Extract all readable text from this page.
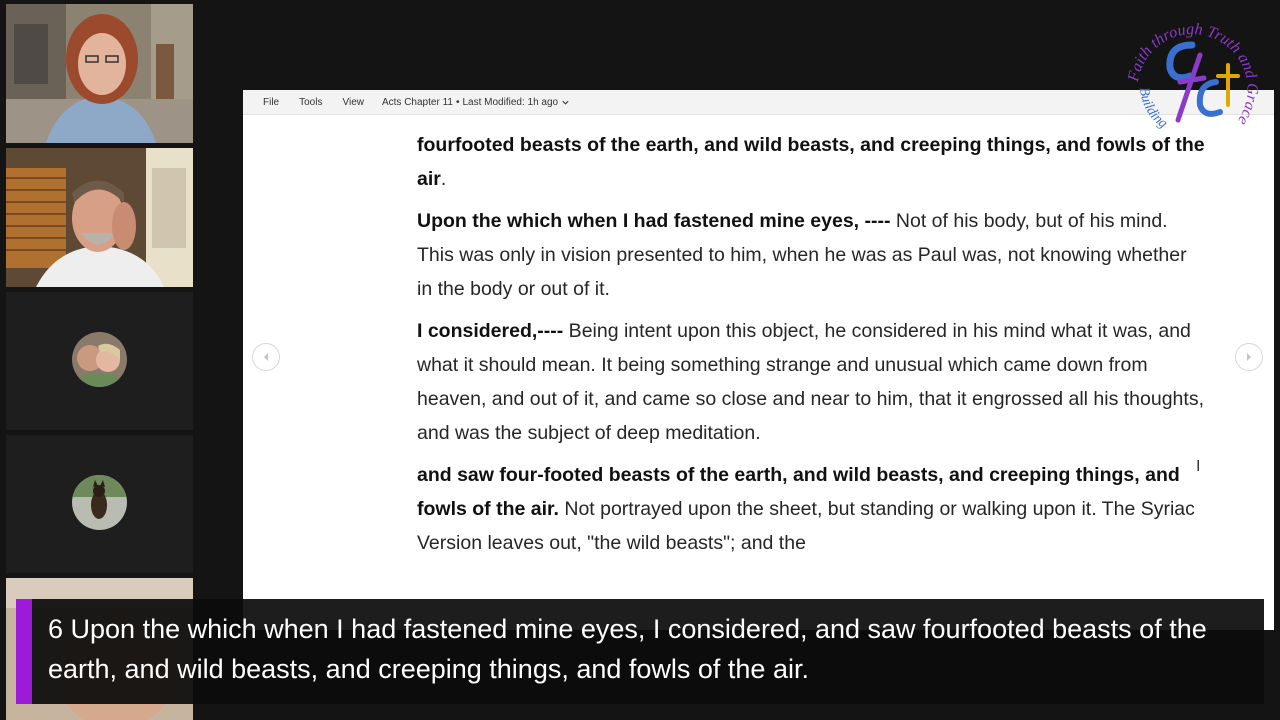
File	Tools	View	Acts Chapter 11 • Last Modified: 1h ago

fourfooted beasts of the earth, and wild beasts, and creeping things, and fowls of the air.

Upon the which when I had fastened mine eyes, ---- Not of his body, but of his mind. This was only in vision presented to him, when he was as Paul was, not knowing whether in the body or out of it.

I considered,---- Being intent upon this object, he considered in his mind what it was, and what it should mean. It being something strange and unusual which came down from heaven, and out of it, and came so close and near to him, that it engrossed all his thoughts, and was the subject of deep meditation.

and saw four-footed beasts of the earth, and wild beasts, and creeping things, and fowls of the air. Not portrayed upon the sheet, but standing or walking upon it. The Syriac Version leaves out, "the wild beasts"; and the

I
Faith through Truth and Grace
Building
6 Upon the which when I had fastened mine eyes, I considered, and saw fourfooted beasts of the earth, and wild beasts, and creeping things, and fowls of the air.
